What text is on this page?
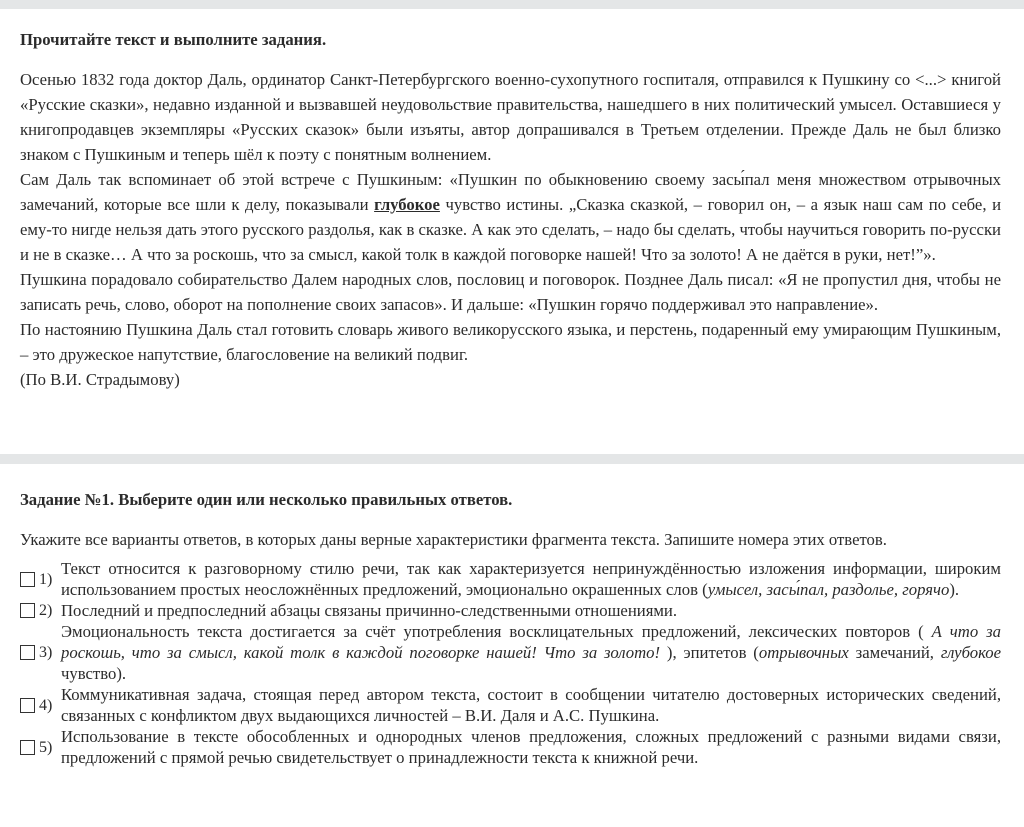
Прочитайте текст и выполните задания.
Осенью 1832 года доктор Даль, ординатор Санкт-Петербургского военно-сухопутного госпиталя, отправился к Пушкину со <...> книгой «Русские сказки», недавно изданной и вызвавшей неудовольствие правительства, нашедшего в них политический умысел. Оставшиеся у книгопродавцев экземпляры «Русских сказок» были изъяты, автор допрашивался в Третьем отделении. Прежде Даль не был близко знаком с Пушкиным и теперь шёл к поэту с понятным волнением.
Сам Даль так вспоминает об этой встрече с Пушкиным: «Пушкин по обыкновению своему засы́пал меня множеством отрывочных замечаний, которые все шли к делу, показывали глубокое чувство истины. „Сказка сказкой, – говорил он, – а язык наш сам по себе, и ему-то нигде нельзя дать этого русского раздолья, как в сказке. А как это сделать, – надо бы сделать, чтобы научиться говорить по-русски и не в сказке… А что за роскошь, что за смысл, какой толк в каждой поговорке нашей! Что за золото! А не даётся в руки, нет!”».
Пушкина порадовало собирательство Далем народных слов, пословиц и поговорок. Позднее Даль писал: «Я не пропустил дня, чтобы не записать речь, слово, оборот на пополнение своих запасов». И дальше: «Пушкин горячо поддерживал это направление».
По настоянию Пушкина Даль стал готовить словарь живого великорусского языка, и перстень, подаренный ему умирающим Пушкиным, – это дружеское напутствие, благословение на великий подвиг.
(По В.И. Страдымову)
Задание №1. Выберите один или несколько правильных ответов.
Укажите все варианты ответов, в которых даны верные характеристики фрагмента текста. Запишите номера этих ответов.
1)
Текст относится к разговорному стилю речи, так как характеризуется непринуждённостью изложения информации, широким использованием простых неосложнённых предложений, эмоционально окрашенных слов (умысел, засы́пал, раздолье, горячо).
2) Последний и предпоследний абзацы связаны причинно-следственными отношениями.
3)
Эмоциональность текста достигается за счёт употребления восклицательных предложений, лексических повторов ( А что за роскошь, что за смысл, какой толк в каждой поговорке нашей! Что за золото! ), эпитетов (отрывочных замечаний, глубокое чувство).
4)
Коммуникативная задача, стоящая перед автором текста, состоит в сообщении читателю достоверных исторических сведений, связанных с конфликтом двух выдающихся личностей – В.И. Даля и А.С. Пушкина.
5)
Использование в тексте обособленных и однородных членов предложения, сложных предложений с разными видами связи, предложений с прямой речью свидетельствует о принадлежности текста к книжной речи.
